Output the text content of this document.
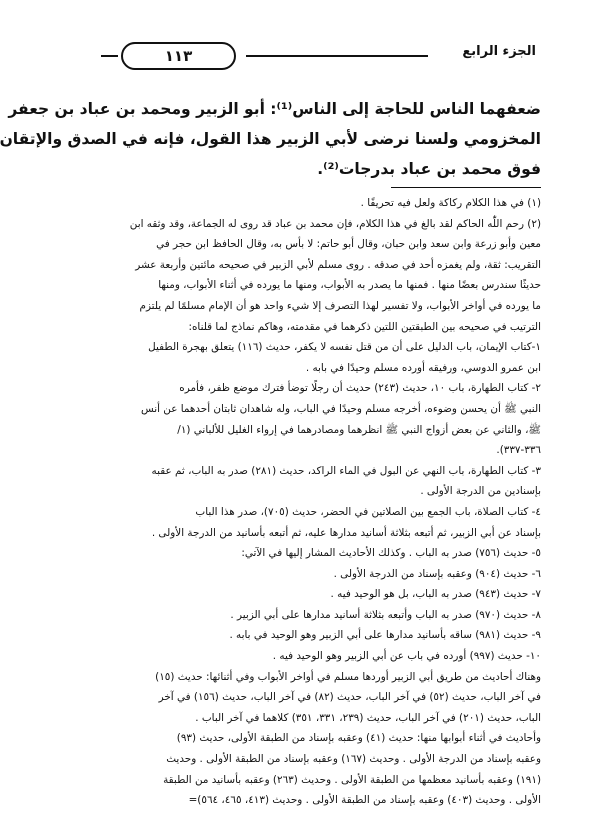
الجزء الرابع
١١٣

ضعفهما الناس للحاجة إلى الناس⁽¹⁾: أبو الزبير ومحمد بن عباد بن جعفر

المخزومي ولسنا نرضى لأبي الزبير هذا القول، فإنه في الصدق والإتقان

فوق محمد بن عباد بدرجات⁽²⁾.

(١) في هذا الكلام ركاكة ولعل فيه تحريفًا .
(٢) رحم اللّٰه الحاكم لقد بالغ في هذا الكلام، فإن محمد بن عباد قد روى له الجماعة، وقد وثقه ابن
معين وأبو زرعة وابن سعد وابن حبان، وقال أبو حاتم: لا بأس به، وقال الحافظ ابن حجر في
التقريب: ثقة، ولم يغمزه أحد في صدقه . روى مسلم لأبي الزبير في صحيحه مائتين وأربعة عشر
حديثًا سندرس بعضًا منها . فمنها ما يصدر به الأبواب، ومنها ما يورده في أثناء الأبواب، ومنها
ما يورده في أواخر الأبواب، ولا تفسير لهذا التصرف إلا شيء واحد هو أن الإمام مسلمًا لم يلتزم
الترتيب في صحيحه بين الطبقتين اللتين ذكرهما في مقدمته، وهاكم نماذج لما قلناه:
١-كتاب الإيمان، باب الدليل على أن من قتل نفسه لا يكفر، حديث (١١٦) يتعلق بهجرة الطفيل
ابن عمرو الدوسي، ورفيقه أورده مسلم وحيدًا في بابه .
٢- كتاب الطهارة، باب ١٠، حديث (٢٤٣) حديث أن رجلًا توضأ فترك موضع ظفر، فأمره
النبي ﷺ أن يحسن وضوءه، أخرجه مسلم وحيدًا في الباب، وله شاهدان ثابتان أحدهما عن أنس
ﷺ، والثاني عن بعض أزواج النبي ﷺ انظرهما ومصادرهما في إرواء الغليل للألباني (١/
٣٣٦-٣٣٧).
٣- كتاب الطهارة، باب النهي عن البول في الماء الراكد، حديث (٢٨١) صدر به الباب، ثم عقبه
بإسنادين من الدرجة الأولى .
٤- كتاب الصلاة، باب الجمع بين الصلاتين في الحضر، حديث (٧٠٥)، صدر هذا الباب
بإسناد عن أبي الزبير، ثم أتبعه بثلاثة أسانيد مدارها عليه، ثم أتبعه بأسانيد من الدرجة الأولى .
٥- حديث (٧٥٦) صدر به الباب . وكذلك الأحاديث المشار إليها في الآتي:
٦- حديث (٩٠٤) وعقبه بإسناد من الدرجة الأولى .
٧- حديث (٩٤٣) صدر به الباب، بل هو الوحيد فيه .
٨- حديث (٩٧٠) صدر به الباب وأتبعه بثلاثة أسانيد مدارها على أبي الزبير .
٩- حديث (٩٨١) ساقه بأسانيد مدارها على أبي الزبير وهو الوحيد في بابه .
١٠- حديث (٩٩٧) أورده في باب عن أبي الزبير وهو الوحيد فيه .
وهناك أحاديث من طريق أبي الزبير أوردها مسلم في أواخر الأبواب وفي أثنائها: حديث (١٥)
في آخر الباب، حديث (٥٢) في آخر الباب، حديث (٨٢) في آخر الباب، حديث (١٥٦) في آخر
الباب، حديث (٢٠١) في آخر الباب، حديث (٢٣٩، ٣٣١، ٣٥١) كلاهما في آخر الباب .
وأحاديث في أثناء أبوابها منها: حديث (٤١) وعقبه بإسناد من الطبقة الأولى، حديث (٩٣)
وعقبه بإسناد من الدرجة الأولى . وحديث (١٦٧) وعقبه بإسناد من الطبقة الأولى . وحديث
(١٩١) وعقبه بأسانيد معظمها من الطبقة الأولى . وحديث (٢٦٣) وعقبه بأسانيد من الطبقة
الأولى . وحديث (٤٠٣) وعقبه بإسناد من الطبقة الأولى . وحديث (٤١٣، ٤٦٥، ٥٦٤)=
